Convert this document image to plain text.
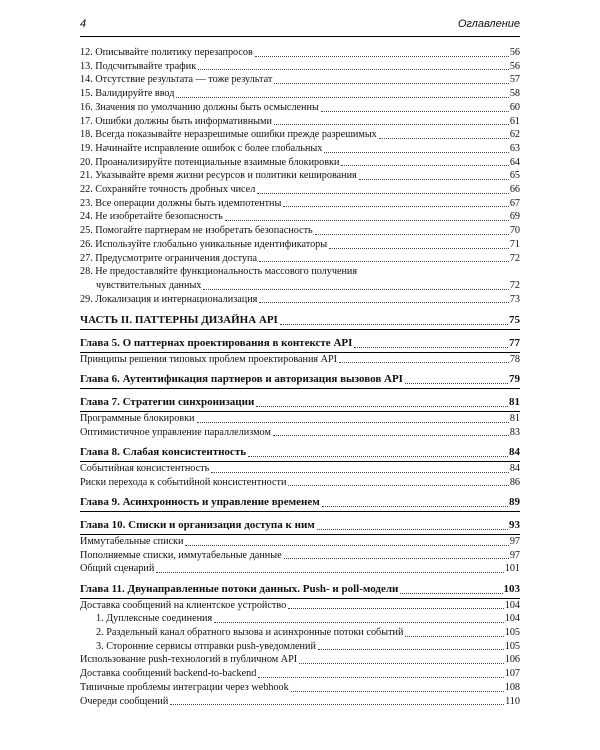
4	Оглавление
12. Описывайте политику перезапросов	56
13. Подсчитывайте трафик	56
14. Отсутствие результата — тоже результат	57
15. Валидируйте ввод	58
16. Значения по умолчанию должны быть осмысленны	60
17. Ошибки должны быть информативными	61
18. Всегда показывайте неразрешимые ошибки прежде разрешимых	62
19. Начинайте исправление ошибок с более глобальных	63
20. Проанализируйте потенциальные взаимные блокировки	64
21. Указывайте время жизни ресурсов и политики кеширования	65
22. Сохраняйте точность дробных чисел	66
23. Все операции должны быть идемпотентны	67
24. Не изобретайте безопасность	69
25. Помогайте партнерам не изобретать безопасность	70
26. Используйте глобально уникальные идентификаторы	71
27. Предусмотрите ограничения доступа	72
28. Не предоставляйте функциональность массового получения
чувствительных данных	72
29. Локализация и интернационализация	73
ЧАСТЬ II. ПАТТЕРНЫ ДИЗАЙНА API	75
Глава 5. О паттернах проектирования в контексте API	77
Принципы решения типовых проблем проектирования API	78
Глава 6. Аутентификация партнеров и авторизация вызовов API	79
Глава 7. Стратегии синхронизации	81
Программные блокировки	81
Оптимистичное управление параллелизмом	83
Глава 8. Слабая консистентность	84
Событийная консистентность	84
Риски перехода к событийной консистентности	86
Глава 9. Асинхронность и управление временем	89
Глава 10. Списки и организация доступа к ним	93
Иммутабельные списки	97
Пополняемые списки, иммутабельные данные	97
Общий сценарий	101
Глава 11. Двунаправленные потоки данных. Push- и poll-модели	103
Доставка сообщений на клиентское устройство	104
1. Дуплексные соединения	104
2. Раздельный канал обратного вызова и асинхронные потоки событий	105
3. Сторонние сервисы отправки push-уведомлений	105
Использование push-технологий в публичном API	106
Доставка сообщений backend-to-backend	107
Типичные проблемы интеграции через webhook	108
Очереди сообщений	110
